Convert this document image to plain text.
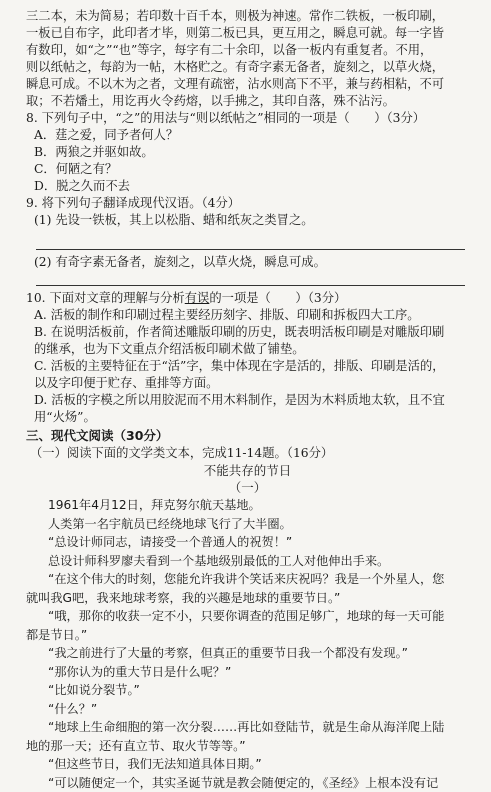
三二本，未为简易；若印数十百千本，则极为神速。常作二铁板，一板印刷，

一板已自布字，此印者才毕，则第二板已具，更互用之，瞬息可就。每一字皆

有数印，如“之”“也”等字，每字有二十余印，以备一板内有重复者。不用，

则以纸帖之，每韵为一帖，木格贮之。有奇字素无备者，旋刻之，以草火烧，

瞬息可成。不以木为之者，文理有疏密，沾水则高下不平，兼与药相粘，不可

取；不若燔土，用讫再火令药熔，以手拂之，其印自落，殊不沾污。

8. 下列句子中，“之”的用法与“则以纸帖之”相同的一项是（　　）（3分）

A．莛之爱，同予者何人？

B．两狼之并驱如故。

C．何陋之有？

D．脱之久而不去

9. 将下列句子翻译成现代汉语。（4分）

(1) 先设一铁板，其上以松脂、蜡和纸灰之类冒之。

(2) 有奇字素无备者，旋刻之，以草火烧，瞬息可成。

10. 下面对文章的理解与分析有误的一项是（　　）（3分）

A. 活板的制作和印刷过程主要经历刻字、排版、印刷和拆板四大工序。

B. 在说明活板前，作者简述雕版印刷的历史，既表明活板印刷是对雕版印刷

的继承，也为下文重点介绍活板印刷术做了铺垫。

C. 活板的主要特征在于“活”字，集中体现在字是活的，排版、印刷是活的，

以及字印便于贮存、重排等方面。

D. 活板的字模之所以用胶泥而不用木料制作，是因为木料质地太软，且不宜

用“火炀”。

三、现代文阅读（30分）

（一）阅读下面的文学类文本，完成11-14题。（16分）

不能共存的节日
（一）
1961年4月12日，拜克努尔航天基地。
人类第一名宇航员已经绕地球飞行了大半圈。
“总设计师同志，请接受一个普通人的祝贺！”
总设计师科罗廖夫看到一个基地级别最低的工人对他伸出手来。
“在这个伟大的时刻，您能允许我讲个笑话来庆祝吗？我是一个外星人，您
就叫我G吧，我来地球考察，我的兴趣是地球的重要节日。”
“哦，那你的收获一定不小，只要你调查的范围足够广，地球的每一天可能
都是节日。”
“我之前进行了大量的考察，但真正的重要节日我一个都没有发现。”
“那你认为的重大节日是什么呢？”
“比如说分裂节。”
“什么？”
“地球上生命细胞的第一次分裂……再比如登陆节，就是生命从海洋爬上陆
地的那一天；还有直立节、取火节等等。”
“但这些节日，我们无法知道具体日期。”
“可以随便定一个，其实圣诞节就是教会随便定的，《圣经》上根本没有记
